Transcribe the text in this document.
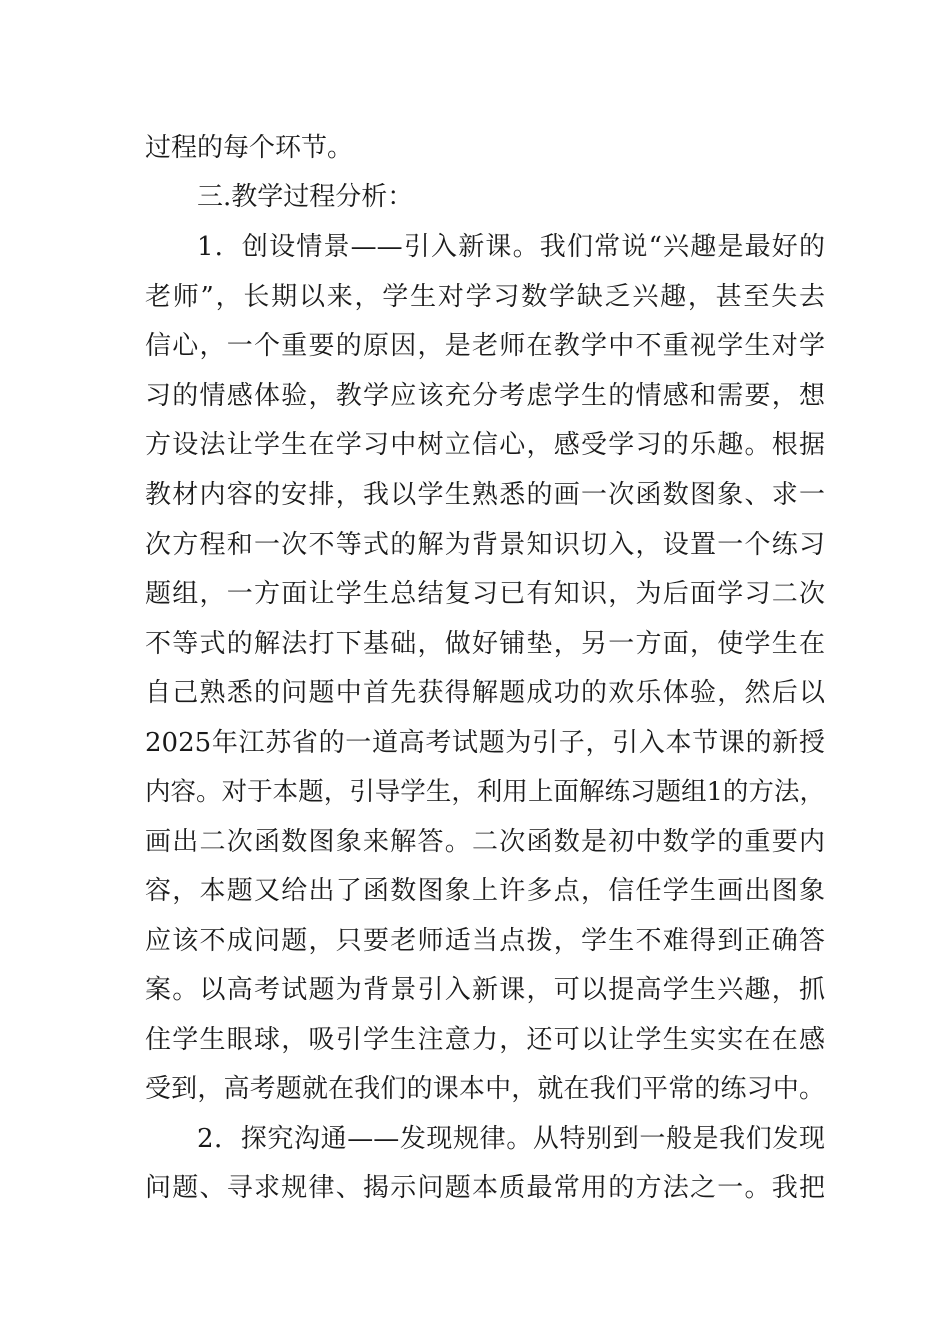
过程的每个环节。
三.教学过程分析：
1．创设情景——引入新课。我们常说“兴趣是最好的
老师”，长期以来，学生对学习数学缺乏兴趣，甚至失去
信心，一个重要的原因，是老师在教学中不重视学生对学
习的情感体验，教学应该充分考虑学生的情感和需要，想
方设法让学生在学习中树立信心，感受学习的乐趣。根据
教材内容的安排，我以学生熟悉的画一次函数图象、求一
次方程和一次不等式的解为背景知识切入，设置一个练习
题组，一方面让学生总结复习已有知识，为后面学习二次
不等式的解法打下基础，做好铺垫，另一方面，使学生在
自己熟悉的问题中首先获得解题成功的欢乐体验，然后以
2025年江苏省的一道高考试题为引子，引入本节课的新授
内容。对于本题，引导学生，利用上面解练习题组1的方法，
画出二次函数图象来解答。二次函数是初中数学的重要内
容，本题又给出了函数图象上许多点，信任学生画出图象
应该不成问题，只要老师适当点拨，学生不难得到正确答
案。以高考试题为背景引入新课，可以提高学生兴趣，抓
住学生眼球，吸引学生注意力，还可以让学生实实在在感
受到，高考题就在我们的课本中，就在我们平常的练习中。
2．探究沟通——发现规律。从特别到一般是我们发现
问题、寻求规律、揭示问题本质最常用的方法之一。我把
